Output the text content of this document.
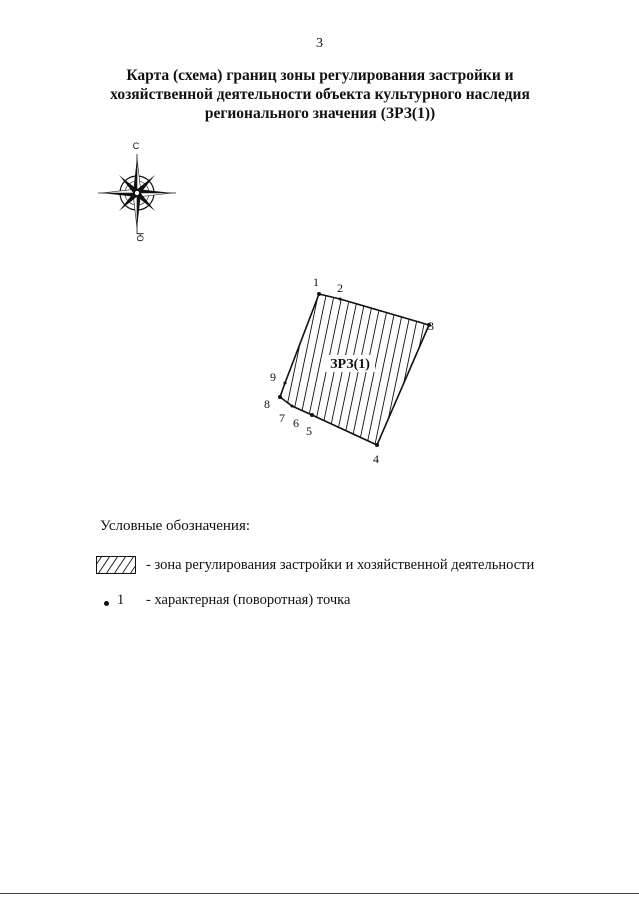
3
Карта (схема) границ зоны регулирования застройки и
хозяйственной деятельности объекта культурного наследия
регионального значения (ЗРЗ(1))
С
Ю
ЗРЗ(1)
1 2
3
4
5
6
7
8
9
Условные обозначения:
- зона регулирования застройки и хозяйственной деятельности
1 - характерная (поворотная) точка
